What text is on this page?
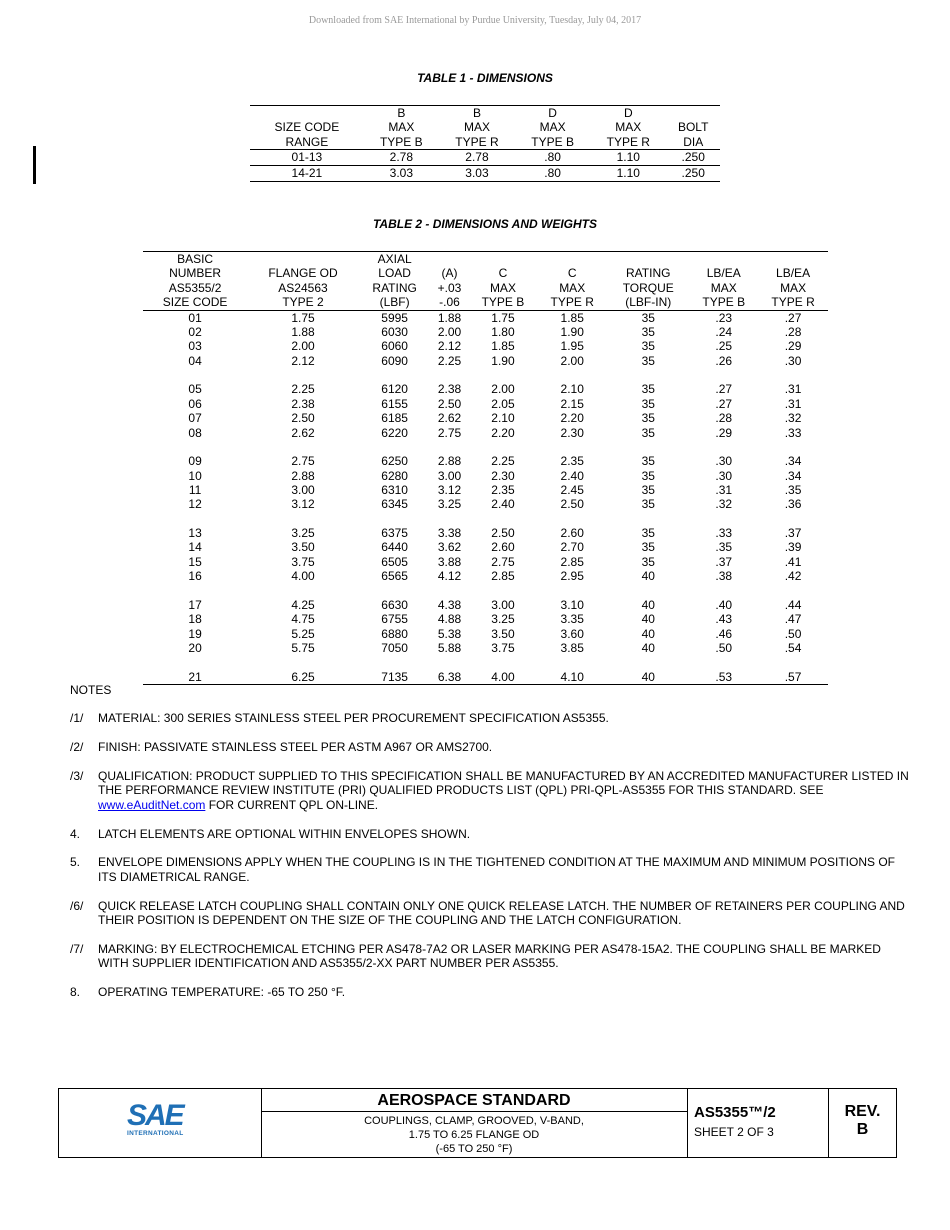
Downloaded from SAE International by Purdue University, Tuesday, July 04, 2017
TABLE 1 - DIMENSIONS
	B	B	D	D	
SIZE CODE	MAX	MAX	MAX	MAX	BOLT
RANGE	TYPE B	TYPE R	TYPE B	TYPE R	DIA
01-13	2.78	2.78	.80	1.10	.250
14-21	3.03	3.03	.80	1.10	.250
TABLE 2 - DIMENSIONS AND WEIGHTS
BASIC		AXIAL						
NUMBER	FLANGE OD	LOAD	(A)	C	C	RATING	LB/EA	LB/EA
AS5355/2	AS24563	RATING	+.03	MAX	MAX	TORQUE	MAX	MAX
SIZE CODE	TYPE 2	(LBF)	-.06	TYPE B	TYPE R	(LBF-IN)	TYPE B	TYPE R
01	1.75	5995	1.88	1.75	1.85	35	.23	.27
02	1.88	6030	2.00	1.80	1.90	35	.24	.28
03	2.00	6060	2.12	1.85	1.95	35	.25	.29
04	2.12	6090	2.25	1.90	2.00	35	.26	.30
05	2.25	6120	2.38	2.00	2.10	35	.27	.31
06	2.38	6155	2.50	2.05	2.15	35	.27	.31
07	2.50	6185	2.62	2.10	2.20	35	.28	.32
08	2.62	6220	2.75	2.20	2.30	35	.29	.33
09	2.75	6250	2.88	2.25	2.35	35	.30	.34
10	2.88	6280	3.00	2.30	2.40	35	.30	.34
11	3.00	6310	3.12	2.35	2.45	35	.31	.35
12	3.12	6345	3.25	2.40	2.50	35	.32	.36
13	3.25	6375	3.38	2.50	2.60	35	.33	.37
14	3.50	6440	3.62	2.60	2.70	35	.35	.39
15	3.75	6505	3.88	2.75	2.85	35	.37	.41
16	4.00	6565	4.12	2.85	2.95	40	.38	.42
17	4.25	6630	4.38	3.00	3.10	40	.40	.44
18	4.75	6755	4.88	3.25	3.35	40	.43	.47
19	5.25	6880	5.38	3.50	3.60	40	.46	.50
20	5.75	7050	5.88	3.75	3.85	40	.50	.54
21	6.25	7135	6.38	4.00	4.10	40	.53	.57
NOTES
/1/	MATERIAL: 300 SERIES STAINLESS STEEL PER PROCUREMENT SPECIFICATION AS5355.
/2/	FINISH: PASSIVATE STAINLESS STEEL PER ASTM A967 OR AMS2700.
/3/	QUALIFICATION: PRODUCT SUPPLIED TO THIS SPECIFICATION SHALL BE MANUFACTURED BY AN ACCREDITED MANUFACTURER LISTED IN THE PERFORMANCE REVIEW INSTITUTE (PRI) QUALIFIED PRODUCTS LIST (QPL) PRI-QPL-AS5355 FOR THIS STANDARD. SEE www.eAuditNet.com FOR CURRENT QPL ON-LINE.
4.	LATCH ELEMENTS ARE OPTIONAL WITHIN ENVELOPES SHOWN.
5.	ENVELOPE DIMENSIONS APPLY WHEN THE COUPLING IS IN THE TIGHTENED CONDITION AT THE MAXIMUM AND MINIMUM POSITIONS OF ITS DIAMETRICAL RANGE.
/6/	QUICK RELEASE LATCH COUPLING SHALL CONTAIN ONLY ONE QUICK RELEASE LATCH. THE NUMBER OF RETAINERS PER COUPLING AND THEIR POSITION IS DEPENDENT ON THE SIZE OF THE COUPLING AND THE LATCH CONFIGURATION.
/7/	MARKING: BY ELECTROCHEMICAL ETCHING PER AS478-7A2 OR LASER MARKING PER AS478-15A2. THE COUPLING SHALL BE MARKED WITH SUPPLIER IDENTIFICATION AND AS5355/2-XX PART NUMBER PER AS5355.
8.	OPERATING TEMPERATURE: -65 TO 250 °F.
SAE
INTERNATIONAL
AEROSPACE STANDARD
COUPLINGS, CLAMP, GROOVED, V-BAND,
1.75 TO 6.25 FLANGE OD
(-65 TO 250 °F)
AS5355™/2
SHEET 2 OF 3
REV.
B
